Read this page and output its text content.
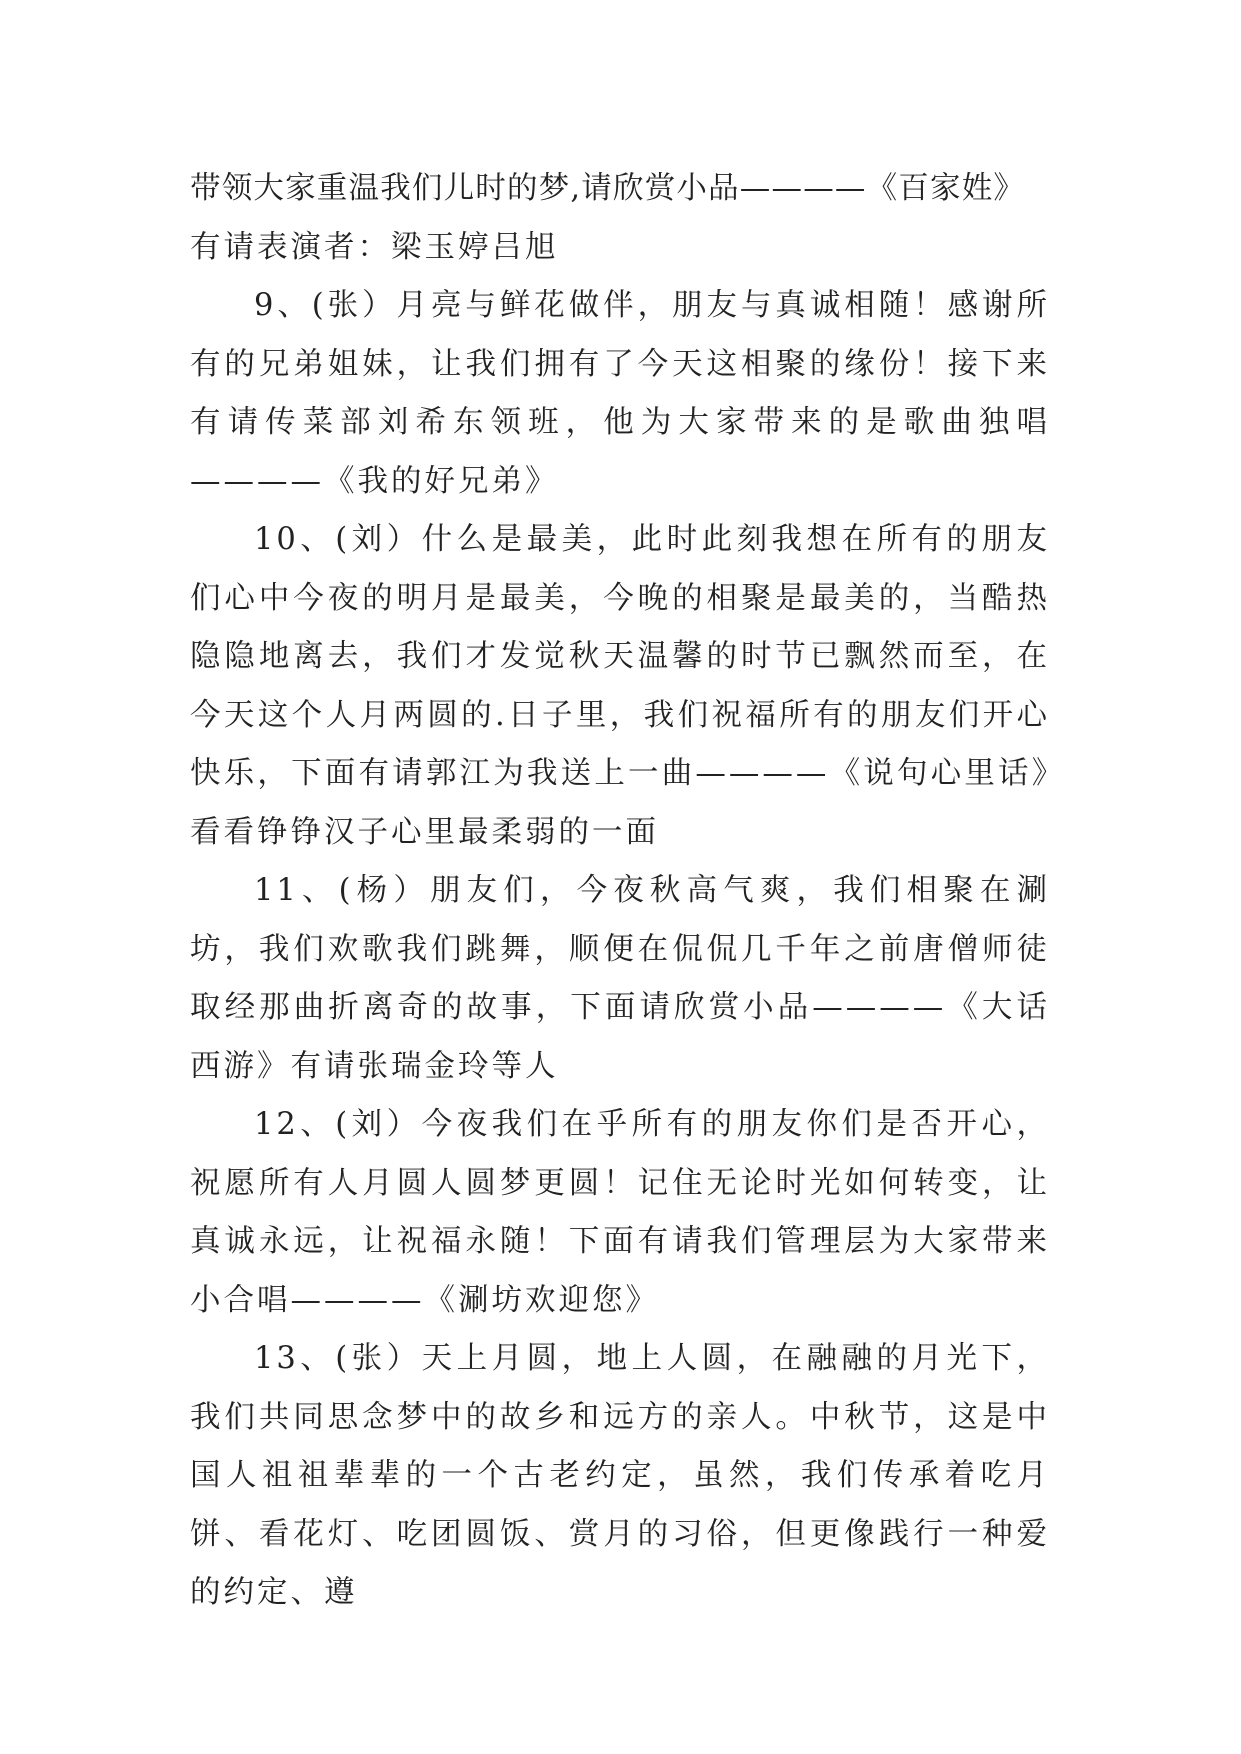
带领大家重温我们儿时的梦,请欣赏小品————《百家姓》

有请表演者：梁玉婷吕旭

9、(张）月亮与鲜花做伴，朋友与真诚相随！感谢所有的兄弟姐妹，让我们拥有了今天这相聚的缘份！接下来有请传菜部刘希东领班，他为大家带来的是歌曲独唱————《我的好兄弟》

10、(刘）什么是最美，此时此刻我想在所有的朋友们心中今夜的明月是最美，今晚的相聚是最美的，当酷热隐隐地离去，我们才发觉秋天温馨的时节已飘然而至，在今天这个人月两圆的.日子里，我们祝福所有的朋友们开心快乐，下面有请郭江为我送上一曲————《说句心里话》看看铮铮汉子心里最柔弱的一面

11、(杨）朋友们，今夜秋高气爽，我们相聚在涮坊，我们欢歌我们跳舞，顺便在侃侃几千年之前唐僧师徒取经那曲折离奇的故事，下面请欣赏小品————《大话西游》有请张瑞金玲等人

12、(刘）今夜我们在乎所有的朋友你们是否开心，祝愿所有人月圆人圆梦更圆！记住无论时光如何转变，让真诚永远，让祝福永随！下面有请我们管理层为大家带来小合唱————《涮坊欢迎您》

13、(张）天上月圆，地上人圆，在融融的月光下，我们共同思念梦中的故乡和远方的亲人。中秋节，这是中国人祖祖辈辈的一个古老约定，虽然，我们传承着吃月饼、看花灯、吃团圆饭、赏月的习俗，但更像践行一种爱的约定、遵
